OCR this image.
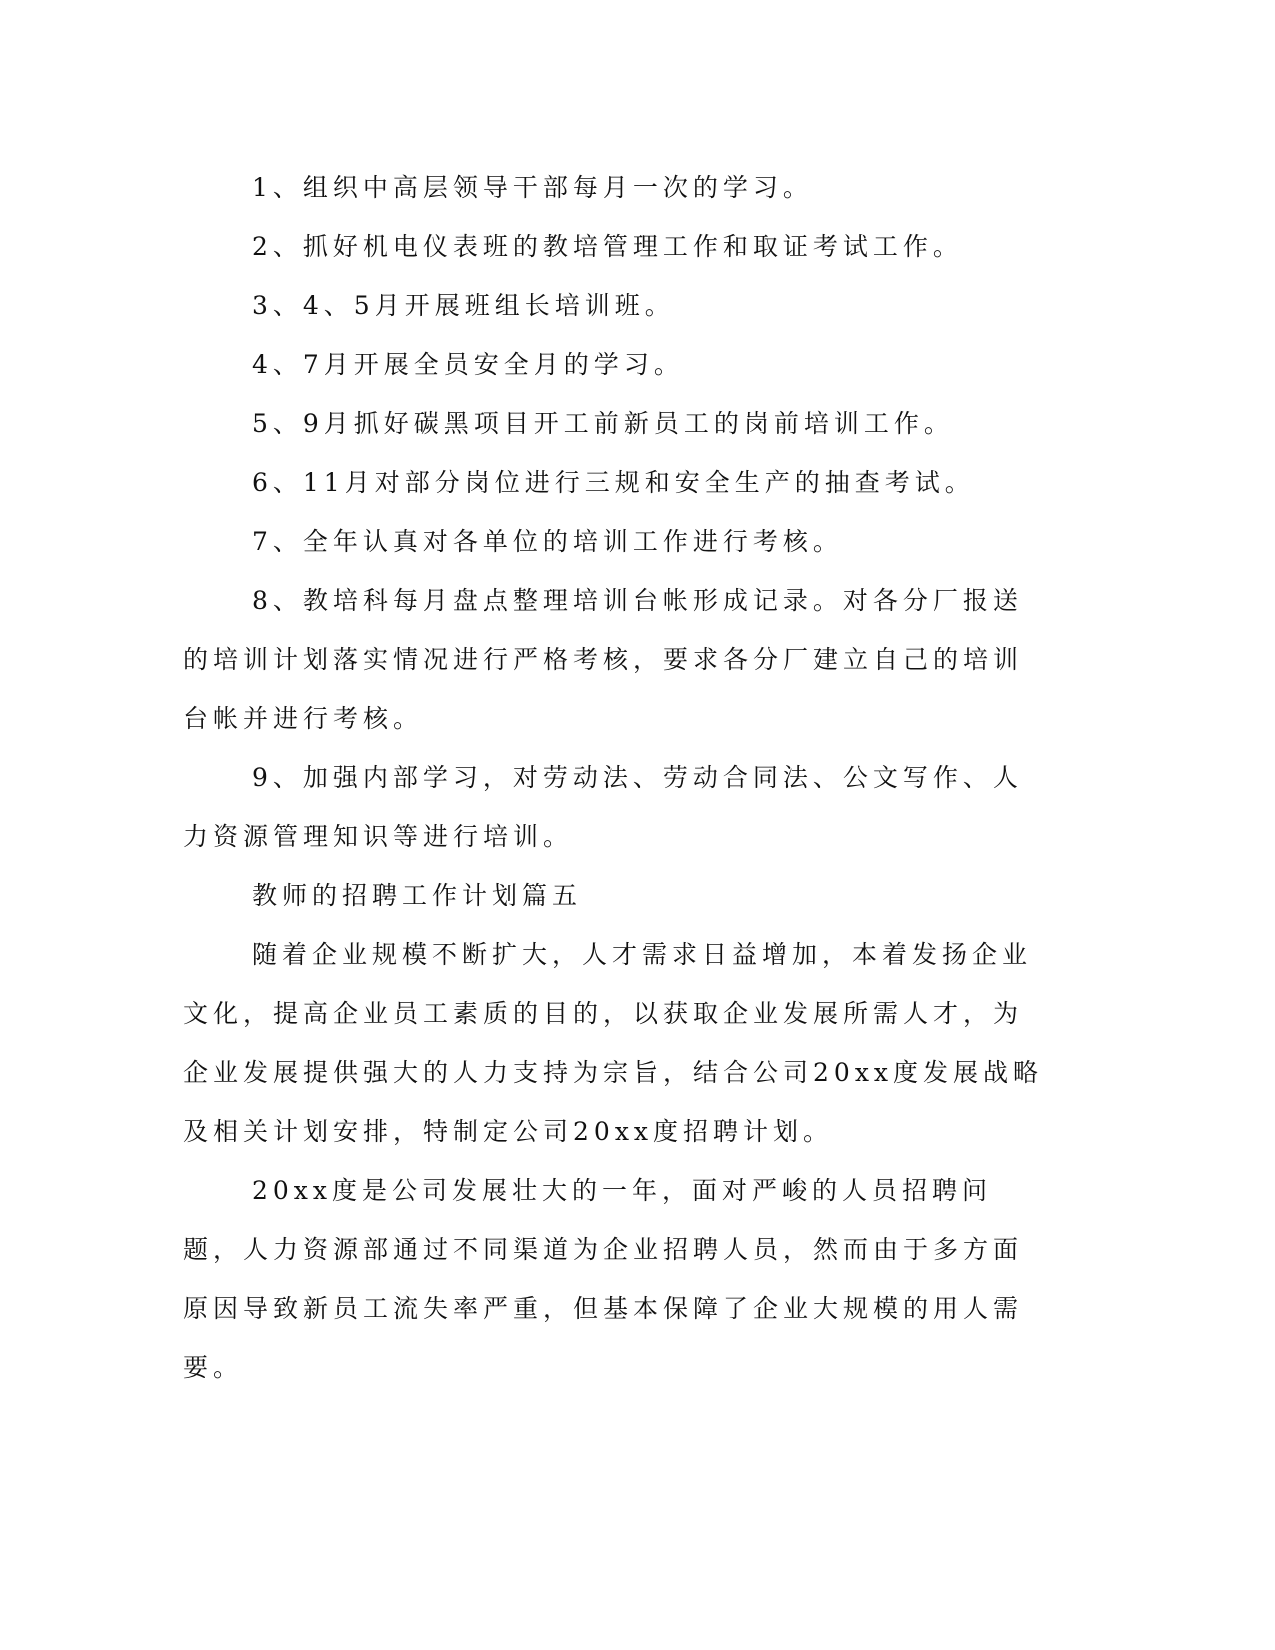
1、组织中高层领导干部每月一次的学习。

2、抓好机电仪表班的教培管理工作和取证考试工作。

3、4、5月开展班组长培训班。

4、7月开展全员安全月的学习。

5、9月抓好碳黑项目开工前新员工的岗前培训工作。

6、11月对部分岗位进行三规和安全生产的抽查考试。

7、全年认真对各单位的培训工作进行考核。

8、教培科每月盘点整理培训台帐形成记录。对各分厂报送的培训计划落实情况进行严格考核，要求各分厂建立自己的培训台帐并进行考核。

9、加强内部学习，对劳动法、劳动合同法、公文写作、人力资源管理知识等进行培训。

教师的招聘工作计划篇五

随着企业规模不断扩大，人才需求日益增加，本着发扬企业文化，提高企业员工素质的目的，以获取企业发展所需人才，为企业发展提供强大的人力支持为宗旨，结合公司20xx度发展战略及相关计划安排，特制定公司20xx度招聘计划。

20xx度是公司发展壮大的一年，面对严峻的人员招聘问题，人力资源部通过不同渠道为企业招聘人员，然而由于多方面原因导致新员工流失率严重，但基本保障了企业大规模的用人需要。
